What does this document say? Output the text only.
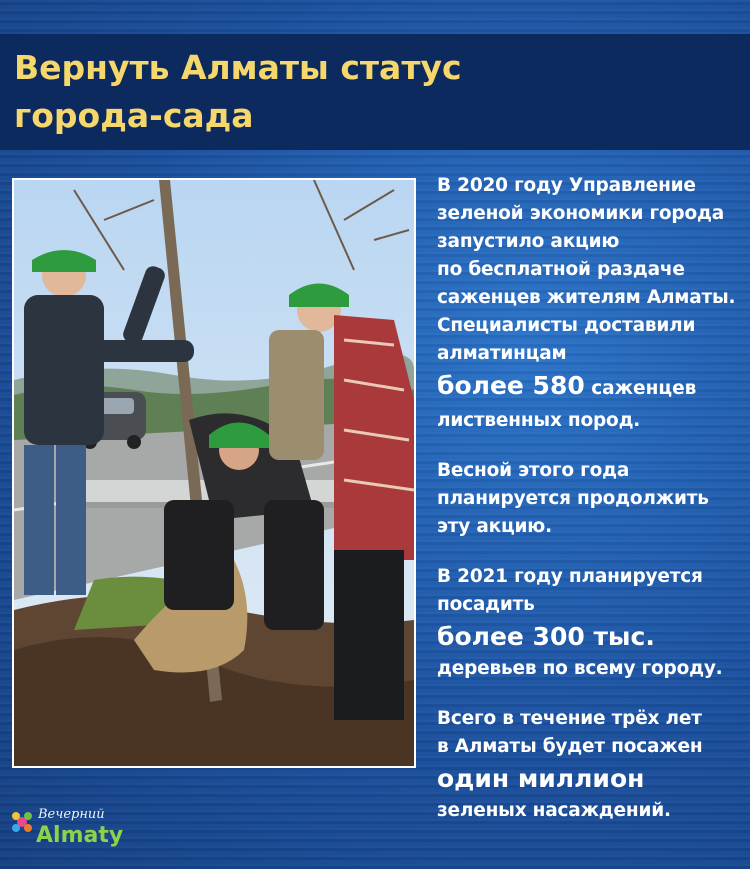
Вернуть Алматы статус
города-сада

В 2020 году Управление
зеленой экономики города
запустило акцию
по бесплатной раздаче
саженцев жителям Алматы.
Специалисты доставили
алматинцам

более 580 саженцев

лиственных пород.

Весной этого года
планируется продолжить
эту акцию.

В 2021 году планируется
посадить

более 300 тыс.

деревьев по всему городу.

Всего в течение трёх лет
в Алматы будет посажен

один миллион

зеленых насаждений.

Вечерний
Almaty
